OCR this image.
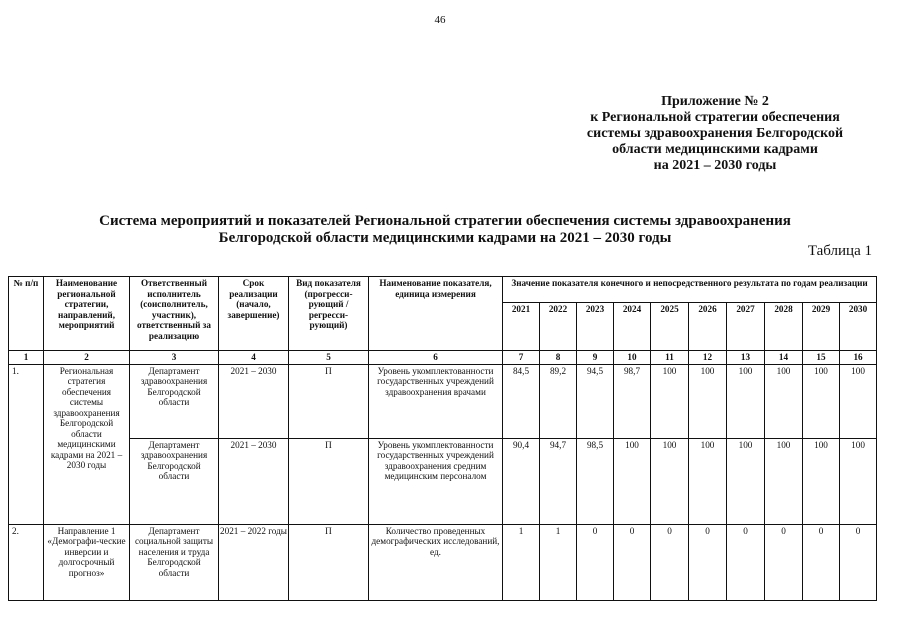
46
Приложение № 2
к Региональной стратегии обеспечения
системы здравоохранения Белгородской
области медицинскими кадрами
на 2021 – 2030 годы
Система мероприятий и показателей Региональной стратегии обеспечения системы здравоохранения
Белгородской области медицинскими кадрами на 2021 – 2030 годы
Таблица 1
№ п/п	Наименование региональной стратегии, направлений, мероприятий	Ответственный исполнитель (соисполнитель, участник), ответственный за реализацию	Срок реализации (начало, завершение)	Вид показателя (прогресси-рующий / регресси-рующий)	Наименование показателя, единица измерения	Значение показателя конечного и непосредственного результата по годам реализации									
						2021	2022	2023	2024	2025	2026	2027	2028	2029	2030
1	2	3	4	5	6	7	8	9	10	11	12	13	14	15	16
1.	Региональная стратегия обеспечения системы здравоохранения Белгородской области медицинскими кадрами на 2021 – 2030 годы	Департамент здравоохранения Белгородской области	2021 – 2030	П	Уровень укомплектованности государственных учреждений здравоохранения врачами	84,5	89,2	94,5	98,7	100	100	100	100	100	100
		Департамент здравоохранения Белгородской области	2021 – 2030	П	Уровень укомплектованности государственных учреждений здравоохранения средним медицинским персоналом	90,4	94,7	98,5	100	100	100	100	100	100	100
2.	Направление 1 «Демографи-ческие инверсии и долгосрочный прогноз»	Департамент социальной защиты населения и труда Белгородской области	2021 – 2022 годы	П	Количество проведенных демографических исследований, ед.	1	1	0	0	0	0	0	0	0	0
